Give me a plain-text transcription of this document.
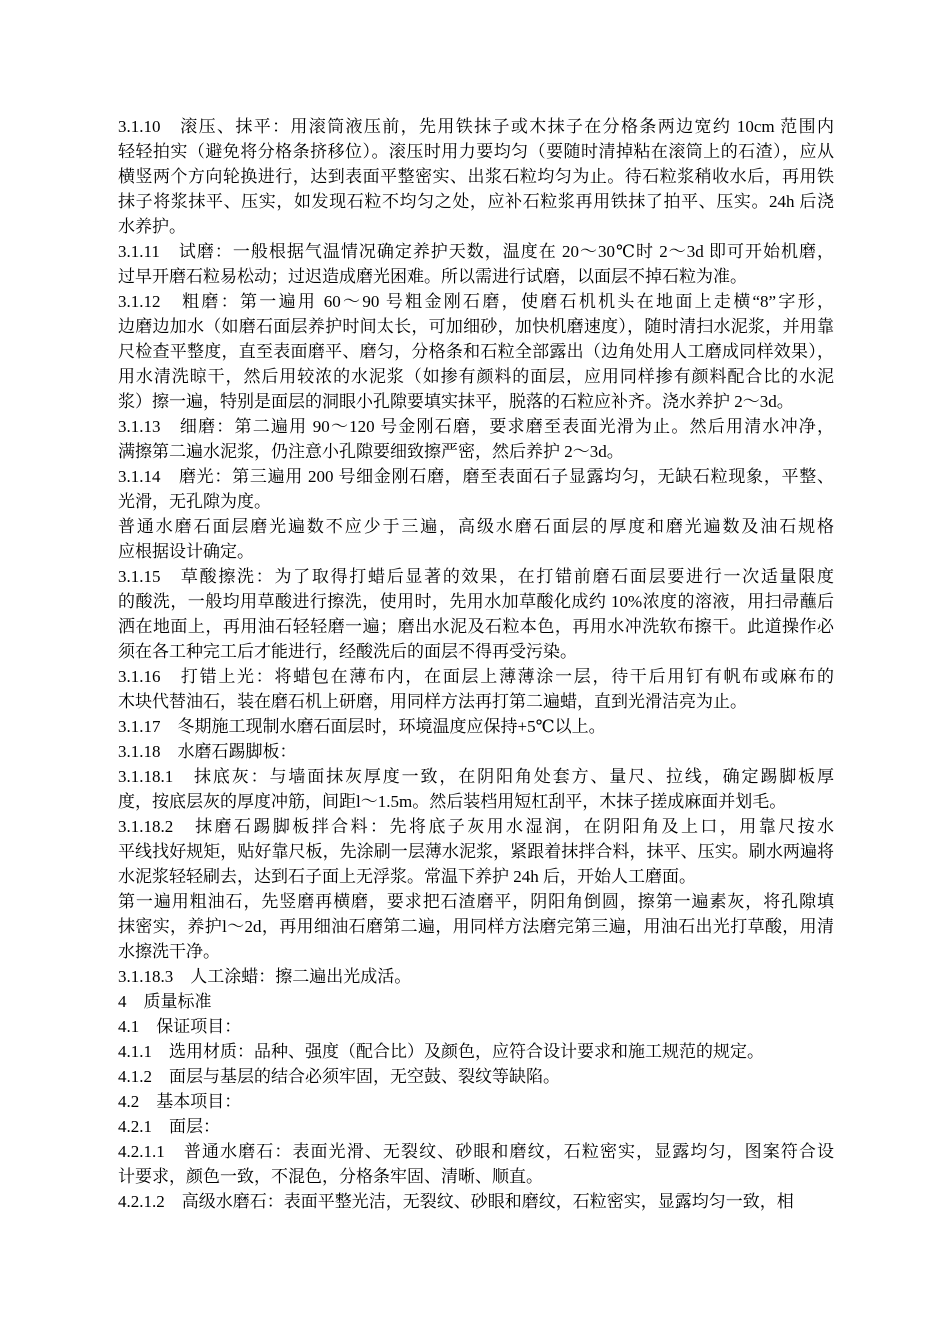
3.1.10　滚压、抹平：用滚筒液压前，先用铁抹子或木抹子在分格条两边宽约 10cm 范围内
轻轻拍实（避免将分格条挤移位）。滚压时用力要均匀（要随时清掉粘在滚筒上的石渣），应从
横竖两个方向轮换进行，达到表面平整密实、出浆石粒均匀为止。待石粒浆稍收水后，再用铁
抹子将浆抹平、压实，如发现石粒不均匀之处，应补石粒浆再用铁抹了拍平、压实。24h 后浇
水养护。

3.1.11　试磨：一般根据气温情况确定养护天数，温度在 20～30℃时 2～3d 即可开始机磨，
过早开磨石粒易松动；过迟造成磨光困难。所以需进行试磨，以面层不掉石粒为准。

3.1.12　粗磨：第一遍用 60～90 号粗金刚石磨，使磨石机机头在地面上走横“8”字形，
边磨边加水（如磨石面层养护时间太长，可加细砂，加快机磨速度），随时清扫水泥浆，并用靠
尺检查平整度，直至表面磨平、磨匀，分格条和石粒全部露出（边角处用人工磨成同样效果），
用水清洗晾干，然后用较浓的水泥浆（如掺有颜料的面层，应用同样掺有颜料配合比的水泥
浆）擦一遍，特别是面层的洞眼小孔隙要填实抹平，脱落的石粒应补齐。浇水养护 2～3d。

3.1.13　细磨：第二遍用 90～120 号金刚石磨，要求磨至表面光滑为止。然后用清水冲净，
满擦第二遍水泥浆，仍注意小孔隙要细致擦严密，然后养护 2～3d。

3.1.14　磨光：第三遍用 200 号细金刚石磨，磨至表面石子显露均匀，无缺石粒现象，平整、
光滑，无孔隙为度。

普通水磨石面层磨光遍数不应少于三遍，高级水磨石面层的厚度和磨光遍数及油石规格
应根据设计确定。

3.1.15　草酸擦洗：为了取得打蜡后显著的效果，在打错前磨石面层要进行一次适量限度
的酸洗，一般均用草酸进行擦洗，使用时，先用水加草酸化成约 10%浓度的溶液，用扫帚蘸后
洒在地面上，再用油石轻轻磨一遍；磨出水泥及石粒本色，再用水冲洗软布擦干。此道操作必
须在各工种完工后才能进行，经酸洗后的面层不得再受污染。

3.1.16　打错上光：将蜡包在薄布内，在面层上薄薄涂一层，待干后用钉有帆布或麻布的
木块代替油石，装在磨石机上研磨，用同样方法再打第二遍蜡，直到光滑洁亮为止。

3.1.17　冬期施工现制水磨石面层时，环境温度应保持+5℃以上。

3.1.18　水磨石踢脚板：

3.1.18.1　抹底灰：与墙面抹灰厚度一致，在阴阳角处套方、量尺、拉线，确定踢脚板厚
度，按底层灰的厚度冲筋，间距l～1.5m。然后装档用短杠刮平，木抹子搓成麻面并划毛。

3.1.18.2　抹磨石踢脚板拌合料：先将底子灰用水湿润，在阴阳角及上口，用靠尺按水
平线找好规矩，贴好靠尺板，先涂刷一层薄水泥浆，紧跟着抹拌合料，抹平、压实。刷水两遍将
水泥浆轻轻刷去，达到石子面上无浮浆。常温下养护 24h 后，开始人工磨面。

第一遍用粗油石，先竖磨再横磨，要求把石渣磨平，阴阳角倒圆，擦第一遍素灰，将孔隙填
抹密实，养护l～2d，再用细油石磨第二遍，用同样方法磨完第三遍，用油石出光打草酸，用清
水擦洗干净。

3.1.18.3　人工涂蜡：擦二遍出光成活。

4　质量标准

4.1　保证项目：

4.1.1　选用材质：品种、强度（配合比）及颜色，应符合设计要求和施工规范的规定。

4.1.2　面层与基层的结合必须牢固，无空鼓、裂纹等缺陷。

4.2　基本项目：

4.2.1　面层：

4.2.1.1　普通水磨石：表面光滑、无裂纹、砂眼和磨纹，石粒密实，显露均匀，图案符合设
计要求，颜色一致，不混色，分格条牢固、清晰、顺直。

4.2.1.2　高级水磨石：表面平整光洁，无裂纹、砂眼和磨纹，石粒密实，显露均匀一致，相
